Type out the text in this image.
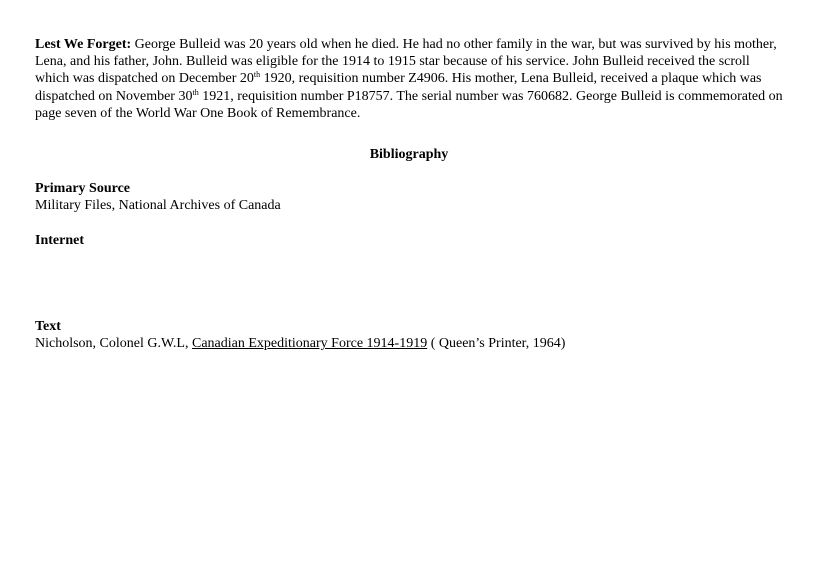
Lest We Forget: George Bulleid was 20 years old when he died. He had no other family in the war, but was survived by his mother, Lena, and his father, John. Bulleid was eligible for the 1914 to 1915 star because of his service. John Bulleid received the scroll which was dispatched on December 20th 1920, requisition number Z4906. His mother, Lena Bulleid, received a plaque which was dispatched on November 30th 1921, requisition number P18757. The serial number was 760682. George Bulleid is commemorated on page seven of the World War One Book of Remembrance.

Bibliography
Primary Source
Military Files, National Archives of Canada
Internet
Text
Nicholson, Colonel G.W.L, Canadian Expeditionary Force 1914-1919 ( Queen’s Printer, 1964)
